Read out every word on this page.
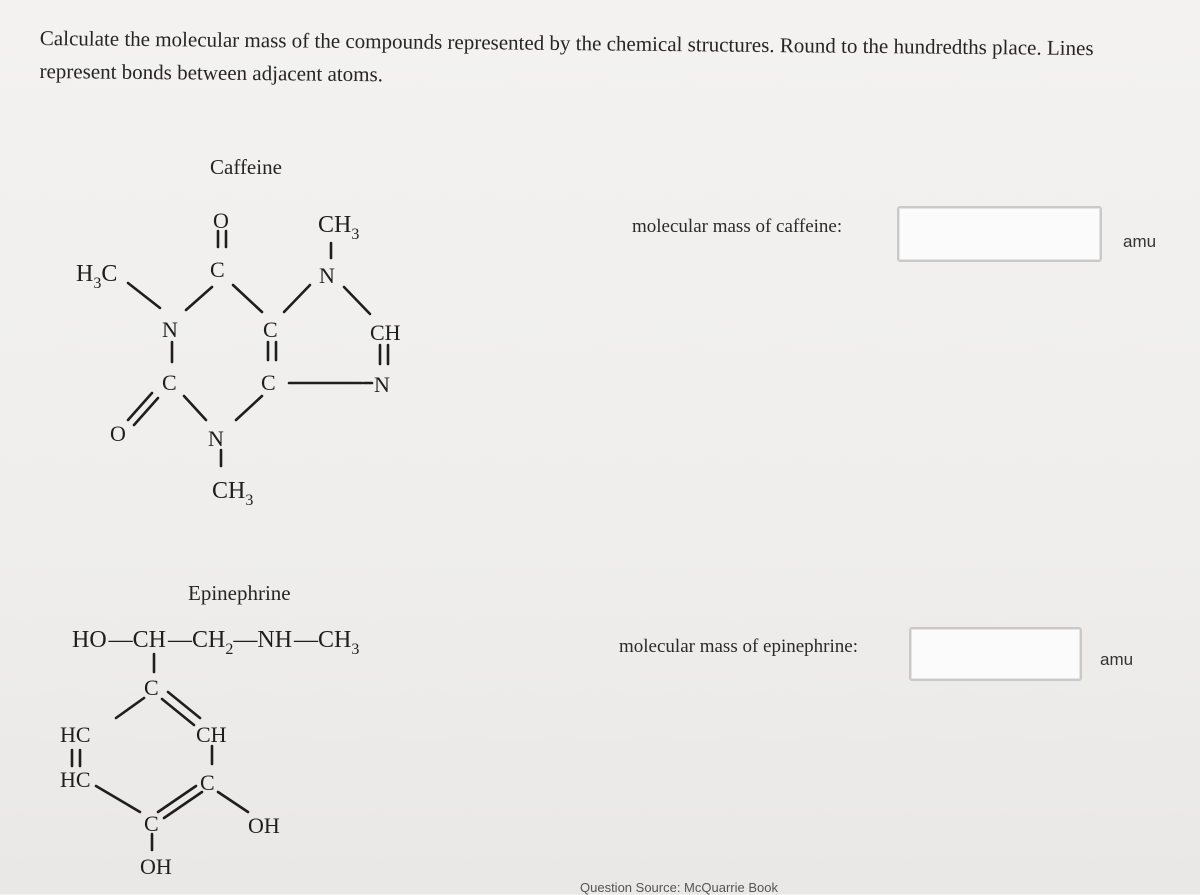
Calculate the molecular mass of the compounds represented by the chemical structures. Round to the hundredths place. Lines represent bonds between adjacent atoms.
Caffeine
molecular mass of caffeine:
amu
Epinephrine
molecular mass of epinephrine:
amu
Question Source: McQuarrie Book
$H_3C$
N
O
C
$CH_3$
N
C	CH
C	N
C
O	N
$CH_3$
$HO—CH—CH_2—NH—CH_3$
C
HC	CH
HC	C
OH
C
OH
